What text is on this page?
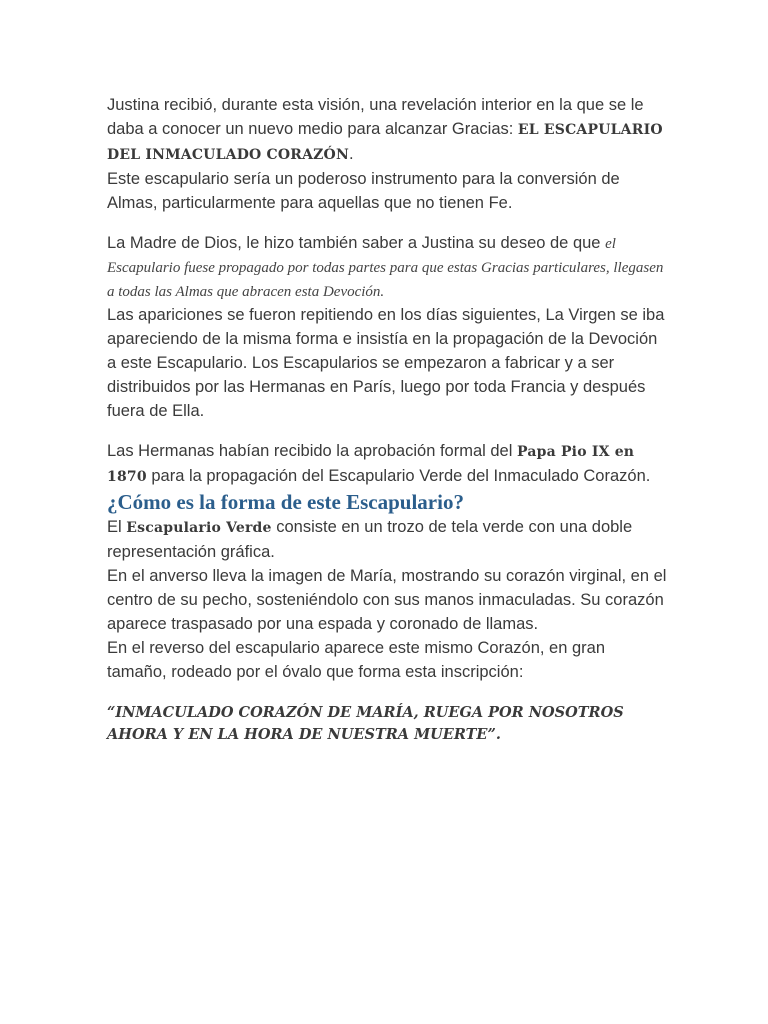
Justina recibió, durante esta visión, una revelación interior en la que se le daba a conocer un nuevo medio para alcanzar Gracias: EL ESCAPULARIO DEL INMACULADO CORAZÓN.
Este escapulario sería un poderoso instrumento para la conversión de Almas, particularmente para aquellas que no tienen Fe.

La Madre de Dios, le hizo también saber a Justina su deseo de que el Escapulario fuese propagado por todas partes para que estas Gracias particulares, llegasen a todas las Almas que abracen esta Devoción.
Las apariciones se fueron repitiendo en los días siguientes, La Virgen se iba apareciendo de la misma forma e insistía en la propagación de la Devoción a este Escapulario. Los Escapularios se empezaron a fabricar y a ser distribuidos por las Hermanas en París, luego por toda Francia y después fuera de Ella.

Las Hermanas habían recibido la aprobación formal del Papa Pio IX en 1870 para la propagación del Escapulario Verde del Inmaculado Corazón.

¿Cómo es la forma de este Escapulario?

El Escapulario Verde consiste en un trozo de tela verde con una doble representación gráfica.
En el anverso lleva la imagen de María, mostrando su corazón virginal, en el centro de su pecho, sosteniéndolo con sus manos inmaculadas. Su corazón aparece traspasado por una espada y coronado de llamas.
En el reverso del escapulario aparece este mismo Corazón, en gran tamaño, rodeado por el óvalo que forma esta inscripción:

“INMACULADO CORAZÓN DE MARÍA, RUEGA POR NOSOTROS AHORA Y EN LA HORA DE NUESTRA MUERTE”.
